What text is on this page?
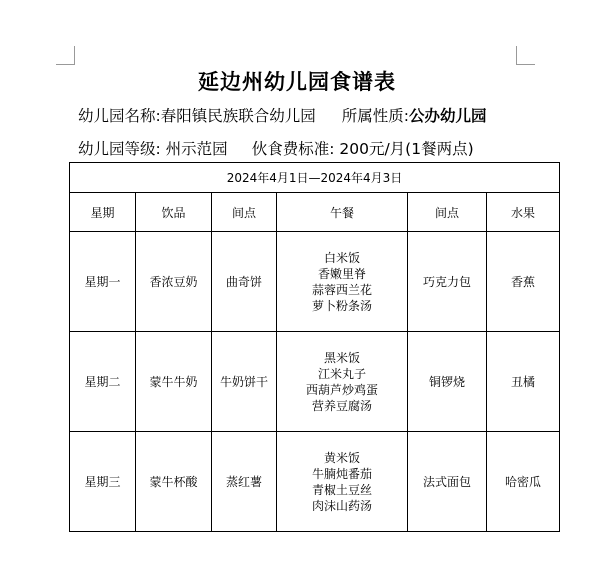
延边州幼儿园食谱表
幼儿园名称:春阳镇民族联合幼儿园 所属性质:公办幼儿园
幼儿园等级: 州示范园 伙食费标准: 200元/月(1餐两点)
2024年4月1日—2024年4月3日					
星期	饮品	间点	午餐	间点	水果
星期一	香浓豆奶	曲奇饼	白米饭
香嫩里脊
蒜蓉西兰花
萝卜粉条汤	巧克力包	香蕉
星期二	蒙牛牛奶	牛奶饼干	黑米饭
江米丸子
西葫芦炒鸡蛋
营养豆腐汤	铜锣烧	丑橘
星期三	蒙牛杯酸	蒸红薯	黄米饭
牛腩炖番茄
青椒土豆丝
肉沫山药汤	法式面包	哈密瓜
